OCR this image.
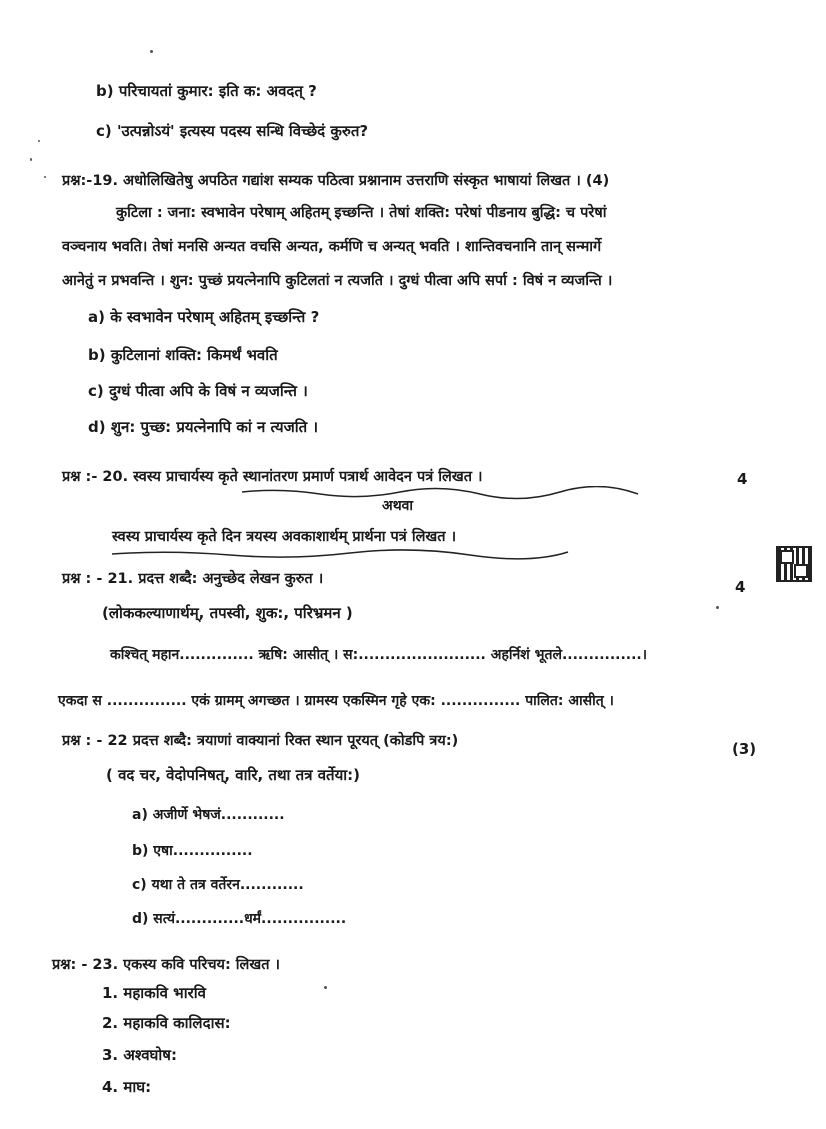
b) परिचायतां कुमार: इति क: अवदत् ?
c) 'उत्पन्नोऽयं' इत्यस्य पदस्य सन्धि विच्छेदं कुरुत?
प्रश्न:-19. अधोलिखितेषु अपठित गद्यांश सम्यक पठित्वा प्रश्नानाम उत्तराणि संस्कृत भाषायां लिखत । (4)
कुटिला : जना: स्वभावेन परेषाम् अहितम् इच्छन्ति । तेषां शक्ति: परेषां पीडनाय बुद्धि: च परेषां
वञ्चनाय भवति। तेषां मनसि अन्यत वचसि अन्यत, कर्मणि च अन्यत् भवति । शान्तिवचनानि तान् सन्मार्गे
आनेतुं न प्रभवन्ति । शुन: पुच्छं प्रयत्नेनापि कुटिलतां न त्यजति । दुग्धं पीत्वा अपि सर्पा : विषं न व्यजन्ति ।
a) के स्वभावेन परेषाम् अहितम् इच्छन्ति ?
b) कुटिलानां शक्ति: किमर्थं भवति
c) दुग्धं पीत्वा अपि के विषं न व्यजन्ति ।
d) शुन: पुच्छ: प्रयत्नेनापि कां न त्यजति ।
प्रश्न :- 20. स्वस्य प्राचार्यस्य कृते स्थानांतरण प्रमार्ण पत्रार्थ आवेदन पत्रं लिखत ।	4
अथवा
स्वस्य प्राचार्यस्य कृते दिन त्रयस्य अवकाशार्थम् प्रार्थना पत्रं लिखत ।
प्रश्न : - 21. प्रदत्त शब्दै: अनुच्छेद लेखन कुरुत ।	4
(लोककल्याणार्थम्, तपस्वी, शुक:, परिभ्रमन )
कश्चित् महान.............. ऋषि: आसीत् । स:........................ अहर्निशं भूतले...............।
एकदा स ............... एकं ग्रामम् अगच्छत । ग्रामस्य एकस्मिन गृहे एक: ............... पालित: आसीत् ।
प्रश्न : - 22 प्रदत्त शब्दै: त्रयाणां वाक्यानां रिक्त स्थान पूरयत् (कोडपि त्रय:)	(3)
( वद चर, वेदोपनिषत्, वारि, तथा तत्र वर्तेया:)
a) अजीर्णे भेषजं............
b) एषा...............
c) यथा ते तत्र वर्तेरन............
d) सत्यं.............धर्मं................
प्रश्न: - 23. एकस्य कवि परिचय: लिखत ।
1. महाकवि भारवि
2. महाकवि कालिदास:
3. अश्वघोष:
4. माघ:
